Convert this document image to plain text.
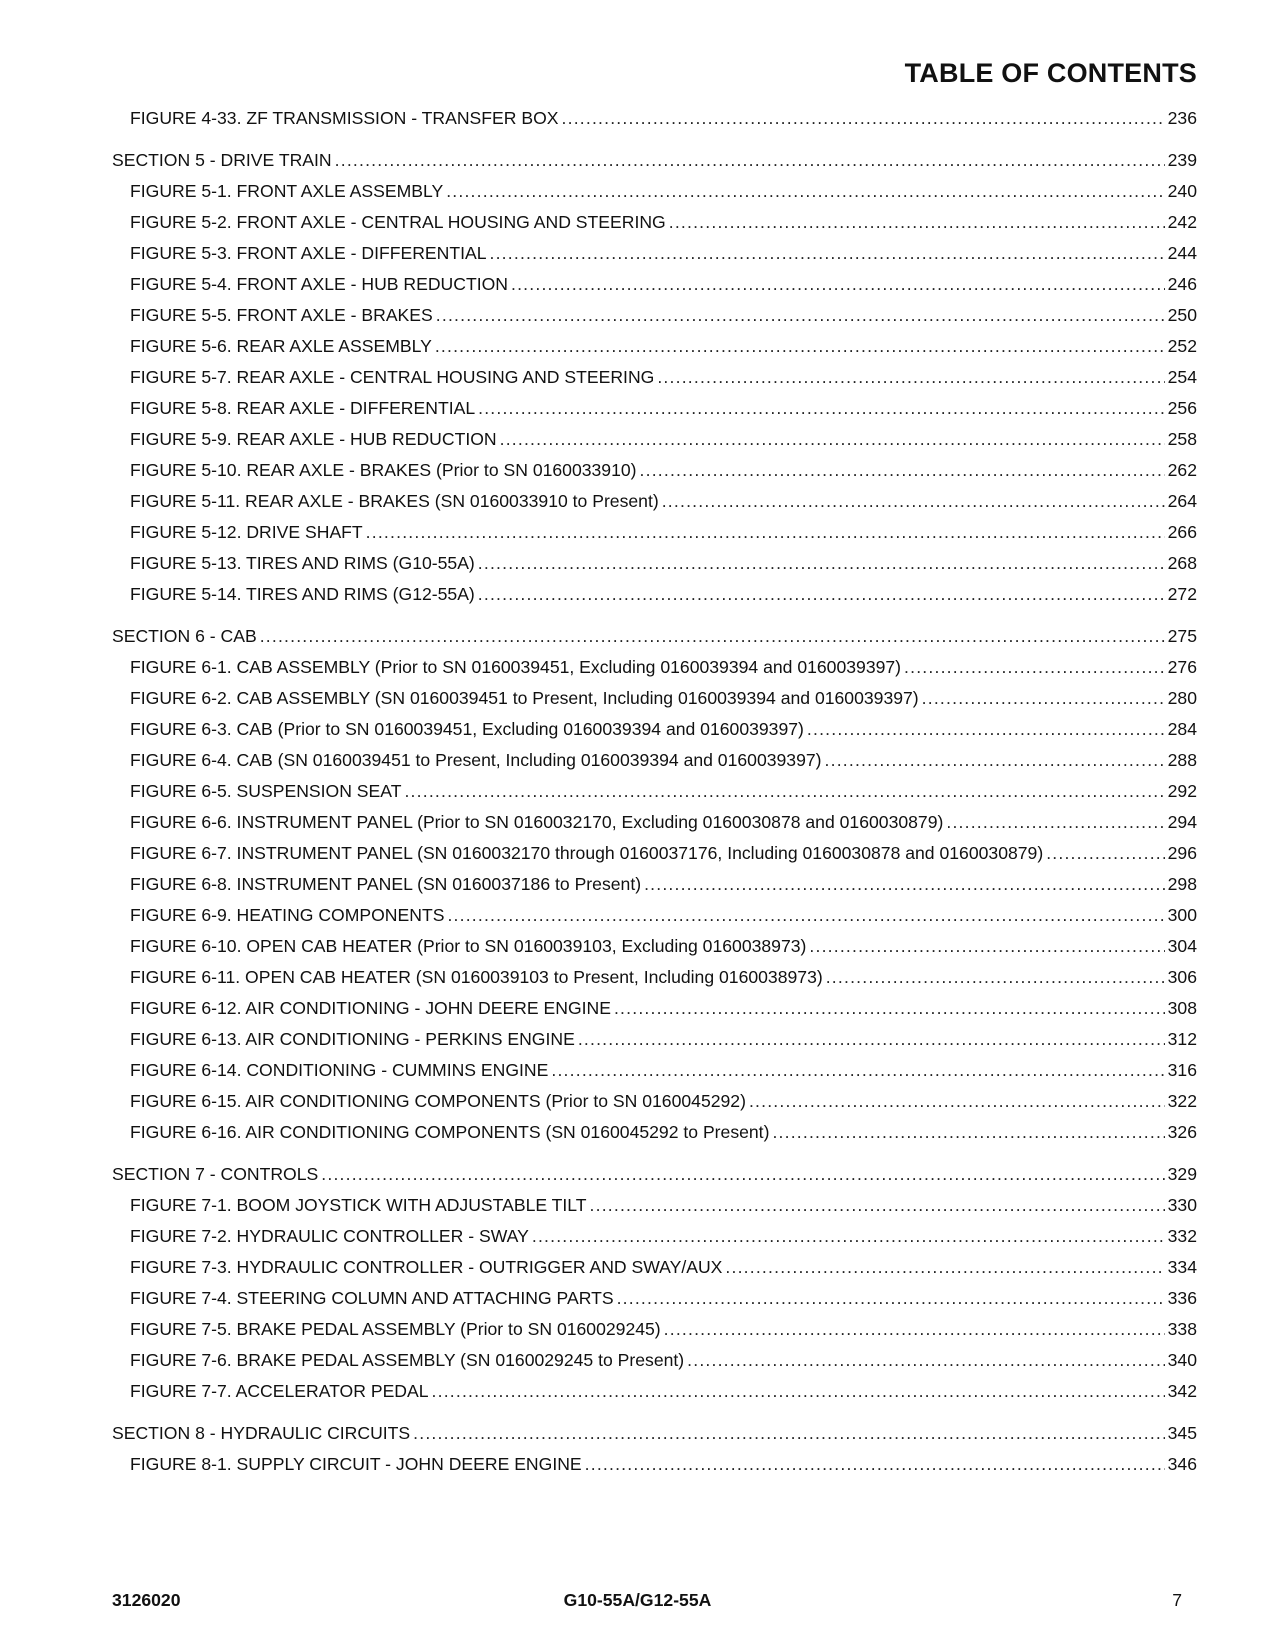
TABLE OF CONTENTS
FIGURE 4-33. ZF TRANSMISSION - TRANSFER BOX .....	236
SECTION 5 - DRIVE TRAIN .....	239
FIGURE 5-1. FRONT AXLE ASSEMBLY .....	240
FIGURE 5-2. FRONT AXLE - CENTRAL HOUSING AND STEERING .....	242
FIGURE 5-3. FRONT AXLE - DIFFERENTIAL .....	244
FIGURE 5-4. FRONT AXLE - HUB REDUCTION .....	246
FIGURE 5-5. FRONT AXLE - BRAKES .....	250
FIGURE 5-6. REAR AXLE ASSEMBLY .....	252
FIGURE 5-7. REAR AXLE - CENTRAL HOUSING AND STEERING .....	254
FIGURE 5-8. REAR AXLE - DIFFERENTIAL .....	256
FIGURE 5-9. REAR AXLE - HUB REDUCTION .....	258
FIGURE 5-10. REAR AXLE - BRAKES (Prior to SN 0160033910) .....	262
FIGURE 5-11. REAR AXLE - BRAKES (SN 0160033910 to Present) .....	264
FIGURE 5-12. DRIVE SHAFT .....	266
FIGURE 5-13. TIRES AND RIMS (G10-55A) .....	268
FIGURE 5-14. TIRES AND RIMS (G12-55A) .....	272
SECTION 6 - CAB .....	275
FIGURE 6-1. CAB ASSEMBLY (Prior to SN 0160039451, Excluding 0160039394 and 0160039397) .....	276
FIGURE 6-2. CAB ASSEMBLY (SN 0160039451 to Present, Including 0160039394 and 0160039397) .....	280
FIGURE 6-3. CAB (Prior to SN 0160039451, Excluding 0160039394 and 0160039397) .....	284
FIGURE 6-4. CAB (SN 0160039451 to Present, Including 0160039394 and 0160039397) .....	288
FIGURE 6-5. SUSPENSION SEAT .....	292
FIGURE 6-6. INSTRUMENT PANEL (Prior to SN 0160032170, Excluding 0160030878 and 0160030879) .....	294
FIGURE 6-7. INSTRUMENT PANEL (SN 0160032170 through 0160037176, Including 0160030878 and 0160030879) .....	296
FIGURE 6-8. INSTRUMENT PANEL (SN 0160037186 to Present) .....	298
FIGURE 6-9. HEATING COMPONENTS .....	300
FIGURE 6-10. OPEN CAB HEATER (Prior to SN 0160039103, Excluding 0160038973) .....	304
FIGURE 6-11. OPEN CAB HEATER (SN 0160039103 to Present, Including 0160038973) .....	306
FIGURE 6-12. AIR CONDITIONING - JOHN DEERE ENGINE .....	308
FIGURE 6-13. AIR CONDITIONING - PERKINS ENGINE .....	312
FIGURE 6-14. CONDITIONING - CUMMINS ENGINE .....	316
FIGURE 6-15. AIR CONDITIONING COMPONENTS (Prior to SN 0160045292) .....	322
FIGURE 6-16. AIR CONDITIONING COMPONENTS (SN 0160045292 to Present) .....	326
SECTION 7 - CONTROLS .....	329
FIGURE 7-1. BOOM JOYSTICK WITH ADJUSTABLE TILT .....	330
FIGURE 7-2. HYDRAULIC CONTROLLER - SWAY .....	332
FIGURE 7-3. HYDRAULIC CONTROLLER - OUTRIGGER AND SWAY/AUX .....	334
FIGURE 7-4. STEERING COLUMN AND ATTACHING PARTS .....	336
FIGURE 7-5. BRAKE PEDAL ASSEMBLY (Prior to SN 0160029245) .....	338
FIGURE 7-6. BRAKE PEDAL ASSEMBLY (SN 0160029245 to Present) .....	340
FIGURE 7-7. ACCELERATOR PEDAL .....	342
SECTION 8 - HYDRAULIC CIRCUITS .....	345
FIGURE 8-1. SUPPLY CIRCUIT - JOHN DEERE ENGINE .....	346
3126020	G10-55A/G12-55A	7
